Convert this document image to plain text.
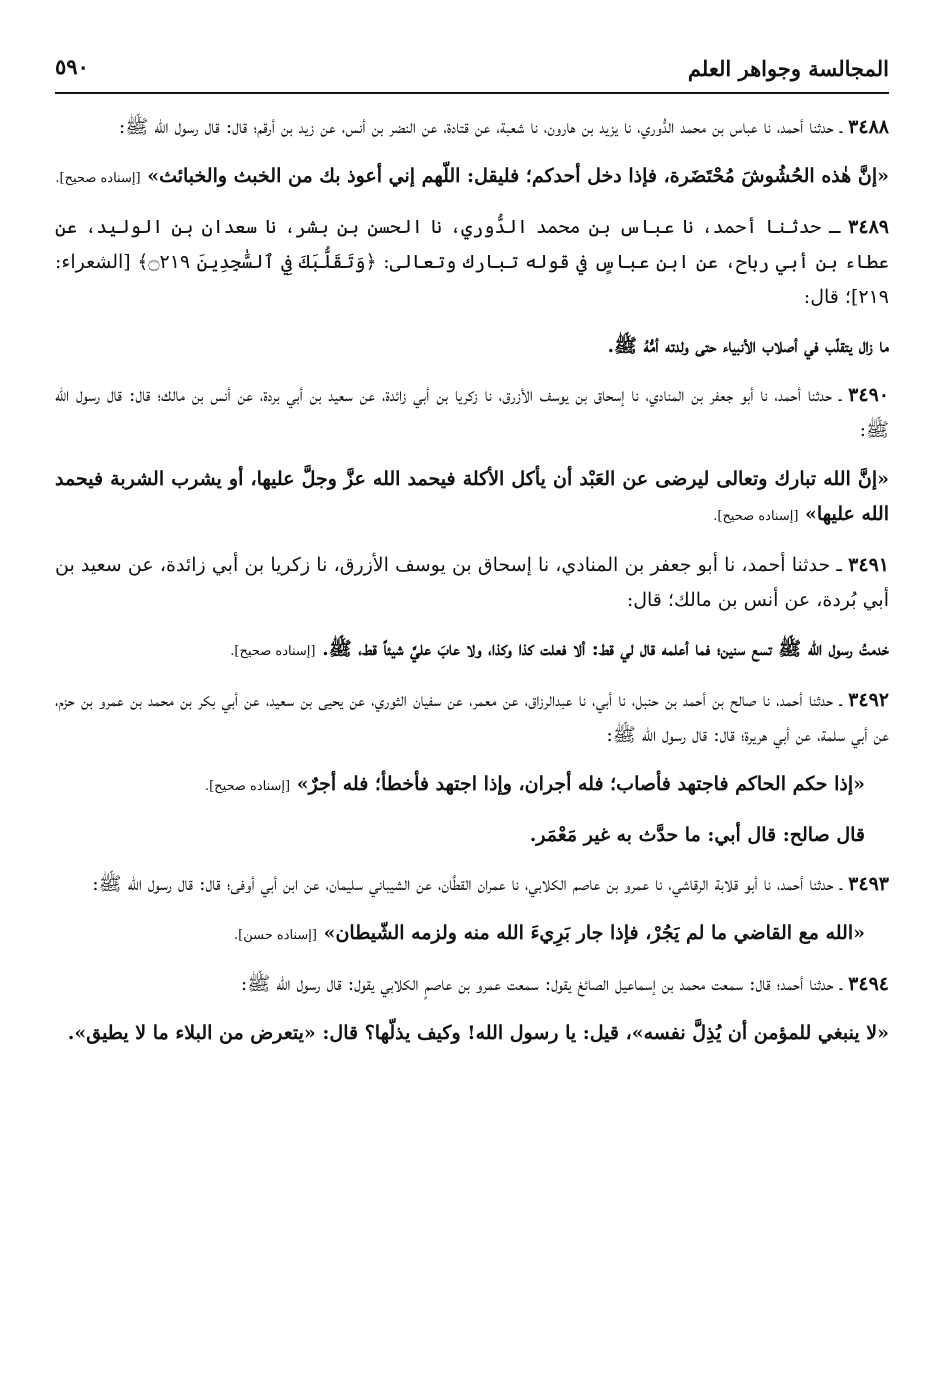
المجالسة وجواهر العلم
٥٩٠

٣٤٨٨ ـ حدثنا أحمد، نا عباس بن محمد الدُّوري، نا يزيد بن هارون، نا شعبة، عن قتادة، عن النضر بن أنس، عن زيد بن أرقم؛ قال: قال رسول الله ﷺ:

«إنَّ هٰذه الحُشُوشَ مُحْتَضَرة، فإذا دخل أحدكم؛ فليقل: اللّهم إني أعوذ بك من الخبث والخبائث» [إسناده صحيح].

٣٤٨٩ ـ حدثنا أحمد، نا عباس بن محمد الدُّوري، نا الحسن بن بشر، نا سعدان بن الوليد، عن عطاء بن أبي رباح، عن ابن عباسٍ في قوله تبارك وتعالى: ﴿وَتَقَلُّبَكَ فِي ٱلسَّٰجِدِينَ ۝٢١٩﴾ [الشعراء: ٢١٩]؛ قال:

ما زال يتقلّب في أصلاب الأنبياء حتى ولدته أمُّهُ ﷺ.

٣٤٩٠ ـ حدثنا أحمد، نا أبو جعفر بن المنادي، نا إسحاق بن يوسف الأزرق، نا زكريا بن أبي زائدة، عن سعيد بن أبي بردة، عن أنس بن مالك؛ قال: قال رسول الله ﷺ:

«إنَّ الله تبارك وتعالى ليرضى عن العَبْد أن يأكل الأكلة فيحمد الله عزَّ وجلَّ عليها، أو يشرب الشربة فيحمد الله عليها» [إسناده صحيح].

٣٤٩١ ـ حدثنا أحمد، نا أبو جعفر بن المنادي، نا إسحاق بن يوسف الأزرق، نا زكريا بن أبي زائدة، عن سعيد بن أبي بُردة، عن أنس بن مالك؛ قال:

خدمتُ رسول الله ﷺ تسع سنين؛ فما أعلمه قال لي قط: ألا فعلت كذا وكذا، ولا عابَ عليَّ شيئاً قط، ﷺ. [إسناده صحيح].

٣٤٩٢ ـ حدثنا أحمد، نا صالح بن أحمد بن حنبل، نا أبي، نا عبدالرزاق، عن معمر، عن سفيان الثوري، عن يحيى بن سعيد، عن أبي بكر بن محمد بن عمرو بن حزم، عن أبي سلمة، عن أبي هريرة؛ قال: قال رسول الله ﷺ:

«إذا حكم الحاكم فاجتهد فأصاب؛ فله أجران، وإذا اجتهد فأخطأ؛ فله أجرٌ» [إسناده صحيح].

قال صالح: قال أبي: ما حدَّث به غير مَعْمَر.

٣٤٩٣ ـ حدثنا أحمد، نا أبو قلابة الرقاشي، نا عمرو بن عاصم الكلابي، نا عمران القطَّان، عن الشيباني سليمان، عن ابن أبي أوفى؛ قال: قال رسول الله ﷺ:

«الله مع القاضي ما لم يَجُرْ، فإذا جار بَرِيءَ الله منه ولزمه الشّيطان» [إسناده حسن].

٣٤٩٤ ـ حدثنا أحمد؛ قال: سمعت محمد بن إسماعيل الصائغ يقول: سمعت عمرو بن عاصمٍ الكلابي يقول: قال رسول الله ﷺ:

«لا ينبغي للمؤمن أن يُذِلَّ نفسه»، قيل: يا رسول الله! وكيف يذلّها؟ قال: «يتعرض من البلاء ما لا يطيق».
